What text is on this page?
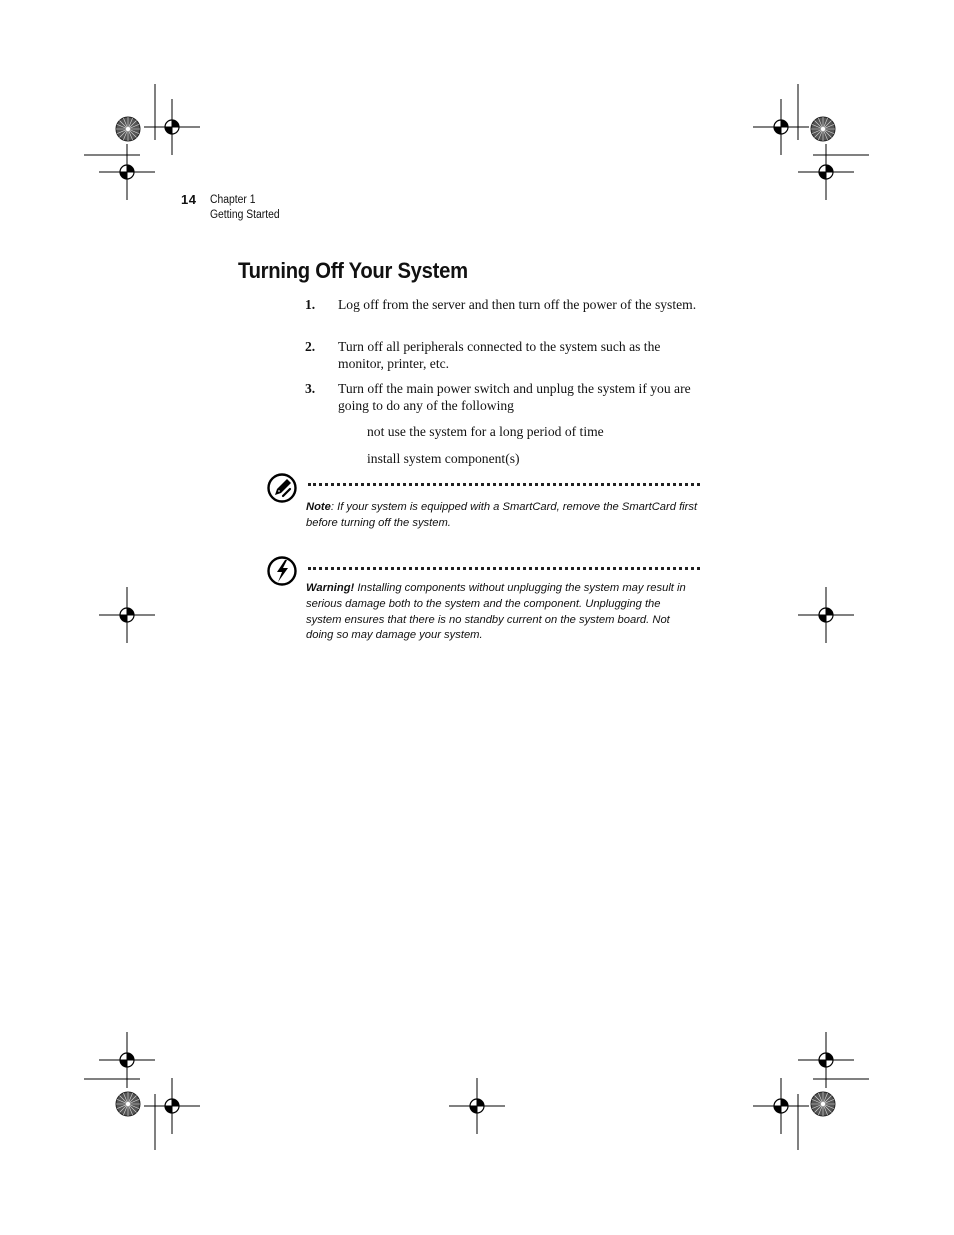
14 Chapter 1
Getting Started
Turning Off Your System
1. Log off from the server and then turn off the power of the system.
2. Turn off all peripherals connected to the system such as the monitor, printer, etc.
3. Turn off the main power switch and unplug the system if you are going to do any of the following
not use the system for a long period of time
install system component(s)
Note: If your system is equipped with a SmartCard, remove the SmartCard first before turning off the system.
Warning! Installing components without unplugging the system may result in serious damage both to the system and the component. Unplugging the system ensures that there is no standby current on the system board. Not doing so may damage your system.
